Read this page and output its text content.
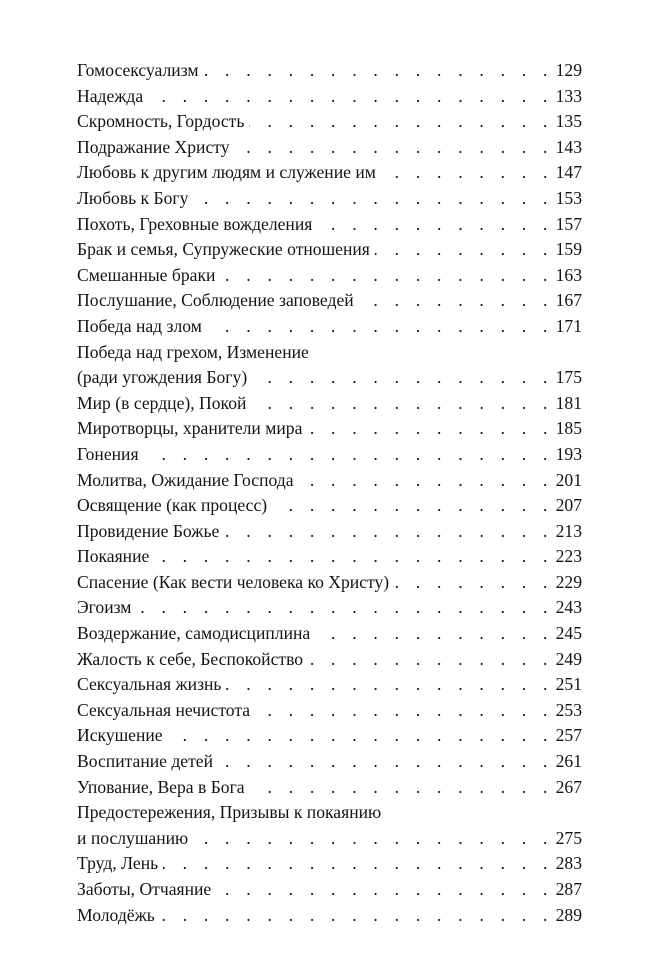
Гомосексуализм . . .	129
Надежда . . .	133
Скромность, Гордость . . .	135
Подражание Христу . . .	143
Любовь к другим людям и служение им . . .	147
Любовь к Богу . . .	153
Похоть, Греховные вожделения . . .	157
Брак и семья, Супружеские отношения . . .	159
Смешанные браки . . .	163
Послушание, Соблюдение заповедей . . .	167
Победа над злом . . .	171
Победа над грехом, Изменение
(ради угождения Богу) . . .	175
Мир (в сердце), Покой . . .	181
Миротворцы, хранители мира . . .	185
Гонения . . .	193
Молитва, Ожидание Господа . . .	201
Освящение (как процесс) . . .	207
Провидение Божье . . .	213
Покаяние . . .	223
Спасение (Как вести человека ко Христу) . . .	229
Эгоизм . . .	243
Воздержание, самодисциплина . . .	245
Жалость к себе, Беспокойство . . .	249
Сексуальная жизнь . . .	251
Сексуальная нечистота . . .	253
Искушение . . .	257
Воспитание детей . . .	261
Упование, Вера в Бога . . .	267
Предостережения, Призывы к покаянию
и послушанию . . .	275
Труд, Лень . . .	283
Заботы, Отчаяние . . .	287
Молодёжь . . .	289
